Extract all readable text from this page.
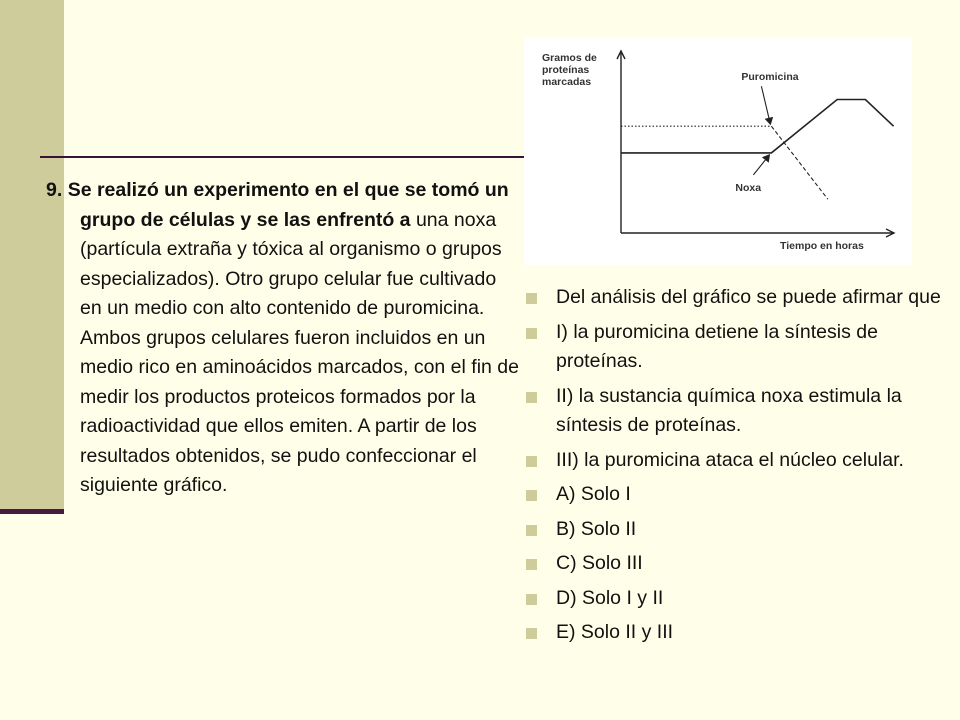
9. Se realizó un experimento en el que se tomó un grupo de células y se las enfrentó a una noxa (partícula extraña y tóxica al organismo o grupos especializados). Otro grupo celular fue cultivado en un medio con alto contenido de puromicina. Ambos grupos celulares fueron incluidos en un medio rico en aminoácidos marcados, con el fin de medir los productos proteicos formados por la radioactividad que ellos emiten. A partir de los resultados obtenidos, se pudo confeccionar el siguiente gráfico.
Gramos de
proteínas
marcadas
Tiempo en horas
Puromicina
Noxa
Del análisis del gráfico se puede afirmar que
I) la puromicina detiene la síntesis de proteínas.
II) la sustancia química noxa estimula la síntesis de proteínas.
III) la puromicina ataca el núcleo celular.
A) Solo I
B) Solo II
C) Solo III
D) Solo I y II
E) Solo II y III
